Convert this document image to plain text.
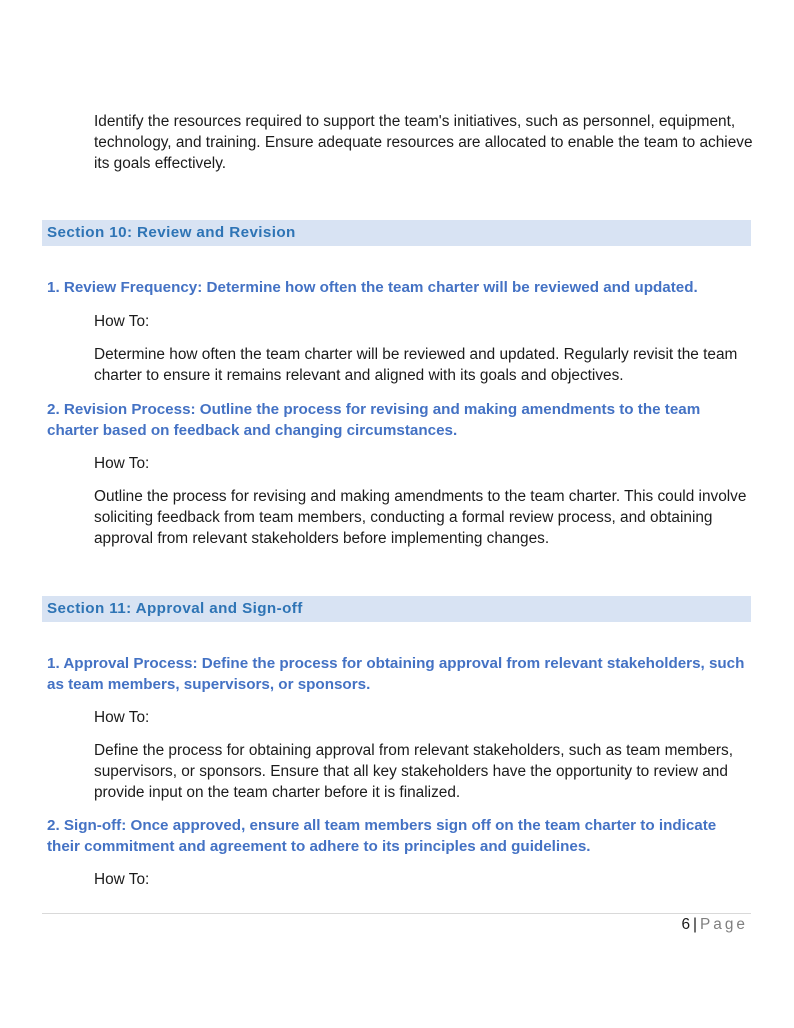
Identify the resources required to support the team's initiatives, such as personnel, equipment, technology, and training. Ensure adequate resources are allocated to enable the team to achieve its goals effectively.

Section 10: Review and Revision

1. Review Frequency: Determine how often the team charter will be reviewed and updated.

How To:

Determine how often the team charter will be reviewed and updated. Regularly revisit the team charter to ensure it remains relevant and aligned with its goals and objectives.

2. Revision Process: Outline the process for revising and making amendments to the team charter based on feedback and changing circumstances.

How To:

Outline the process for revising and making amendments to the team charter. This could involve soliciting feedback from team members, conducting a formal review process, and obtaining approval from relevant stakeholders before implementing changes.

Section 11: Approval and Sign-off

1. Approval Process: Define the process for obtaining approval from relevant stakeholders, such as team members, supervisors, or sponsors.

How To:

Define the process for obtaining approval from relevant stakeholders, such as team members, supervisors, or sponsors. Ensure that all key stakeholders have the opportunity to review and provide input on the team charter before it is finalized.

2. Sign-off: Once approved, ensure all team members sign off on the team charter to indicate their commitment and agreement to adhere to its principles and guidelines.

How To:

6 | Page
